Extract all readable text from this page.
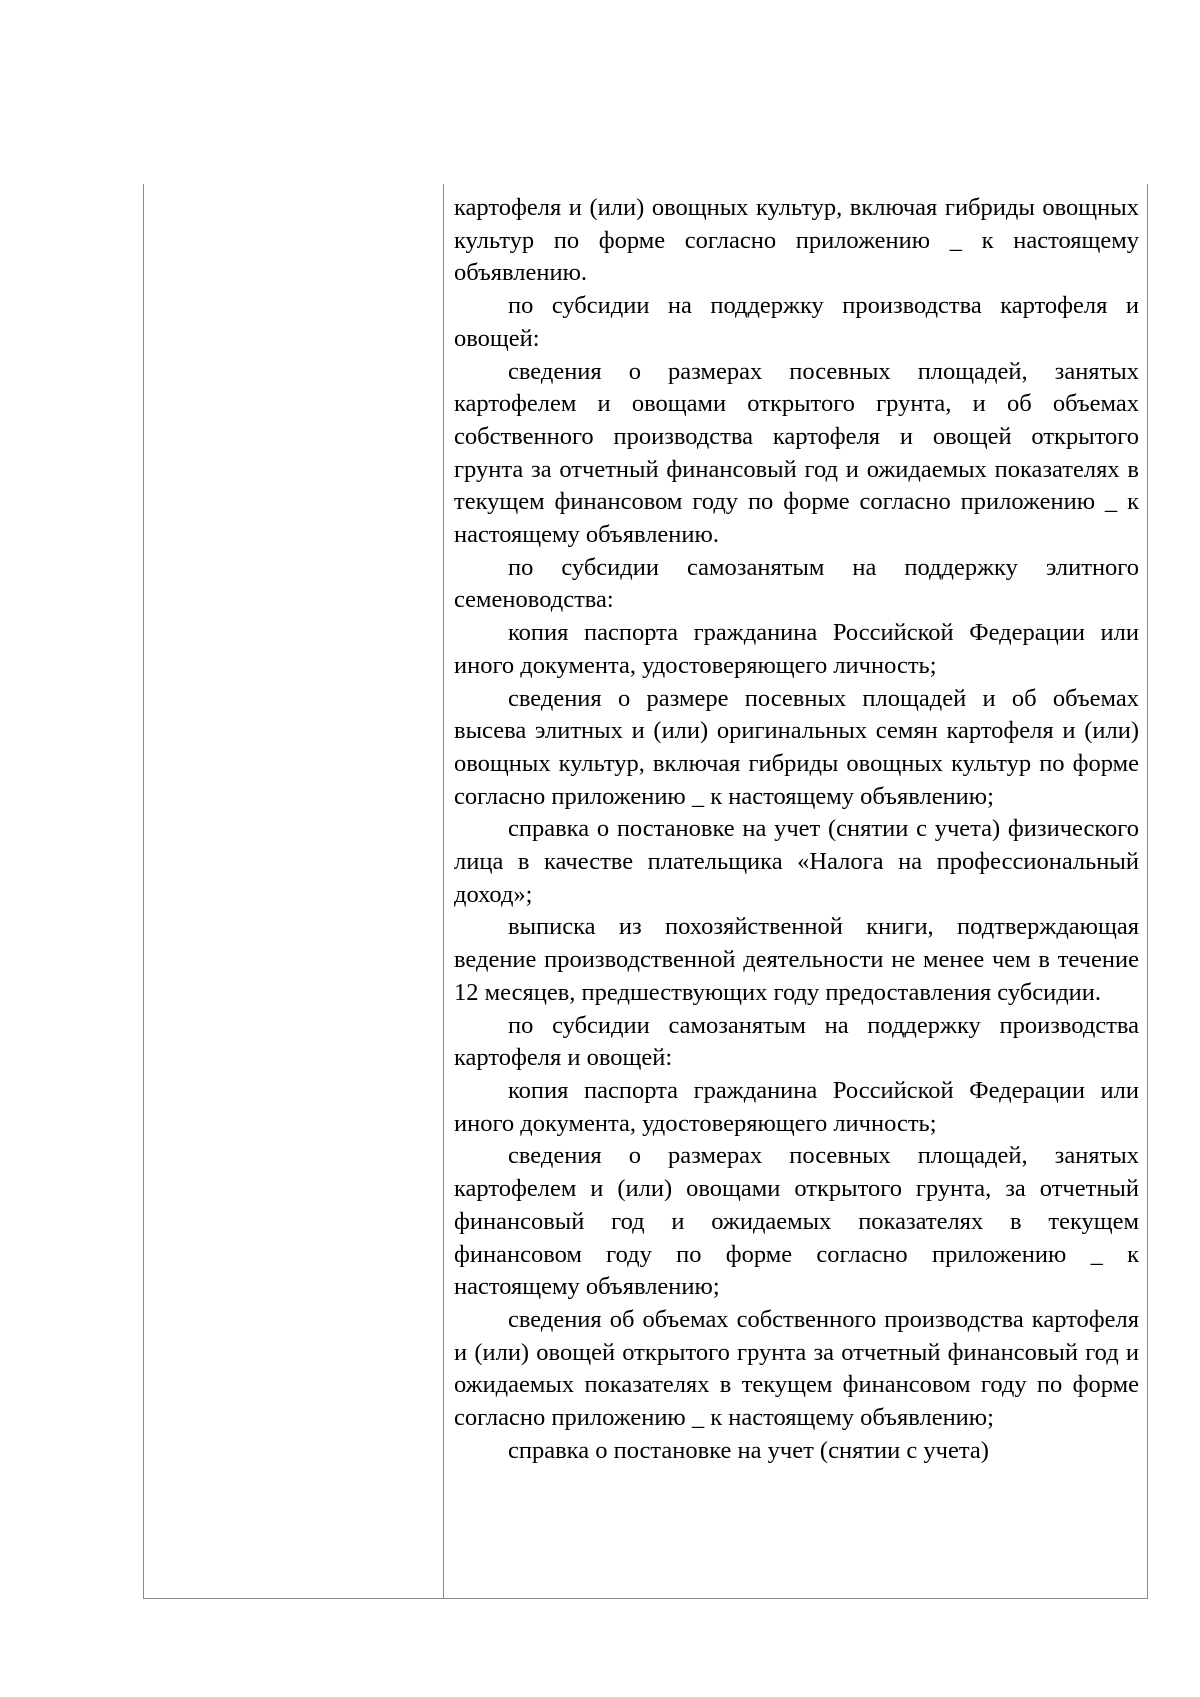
картофеля и (или) овощных культур, включая гибриды овощных культур по форме согласно приложению _ к настоящему объявлению.

по субсидии на поддержку производства картофеля и овощей:

сведения о размерах посевных площадей, занятых картофелем и овощами открытого грунта, и об объемах собственного производства картофеля и овощей открытого грунта за отчетный финансовый год и ожидаемых показателях в текущем финансовом году по форме согласно приложению _ к настоящему объявлению.

по субсидии самозанятым на поддержку элитного семеноводства:

копия паспорта гражданина Российской Федерации или иного документа, удостоверяющего личность;

сведения о размере посевных площадей и об объемах высева элитных и (или) оригинальных семян картофеля и (или) овощных культур, включая гибриды овощных культур по форме согласно приложению _ к настоящему объявлению;

справка о постановке на учет (снятии с учета) физического лица в качестве плательщика «Налога на профессиональный доход»;

выписка из похозяйственной книги, подтверждающая ведение производственной деятельности не менее чем в течение 12 месяцев, предшествующих году предоставления субсидии.

по субсидии самозанятым на поддержку производства картофеля и овощей:

копия паспорта гражданина Российской Федерации или иного документа, удостоверяющего личность;

сведения о размерах посевных площадей, занятых картофелем и (или) овощами открытого грунта, за отчетный финансовый год и ожидаемых показателях в текущем финансовом году по форме согласно приложению _ к настоящему объявлению;

сведения об объемах собственного производства картофеля и (или) овощей открытого грунта за отчетный финансовый год и ожидаемых показателях в текущем финансовом году по форме согласно приложению _ к настоящему объявлению;

справка о постановке на учет (снятии с учета)
